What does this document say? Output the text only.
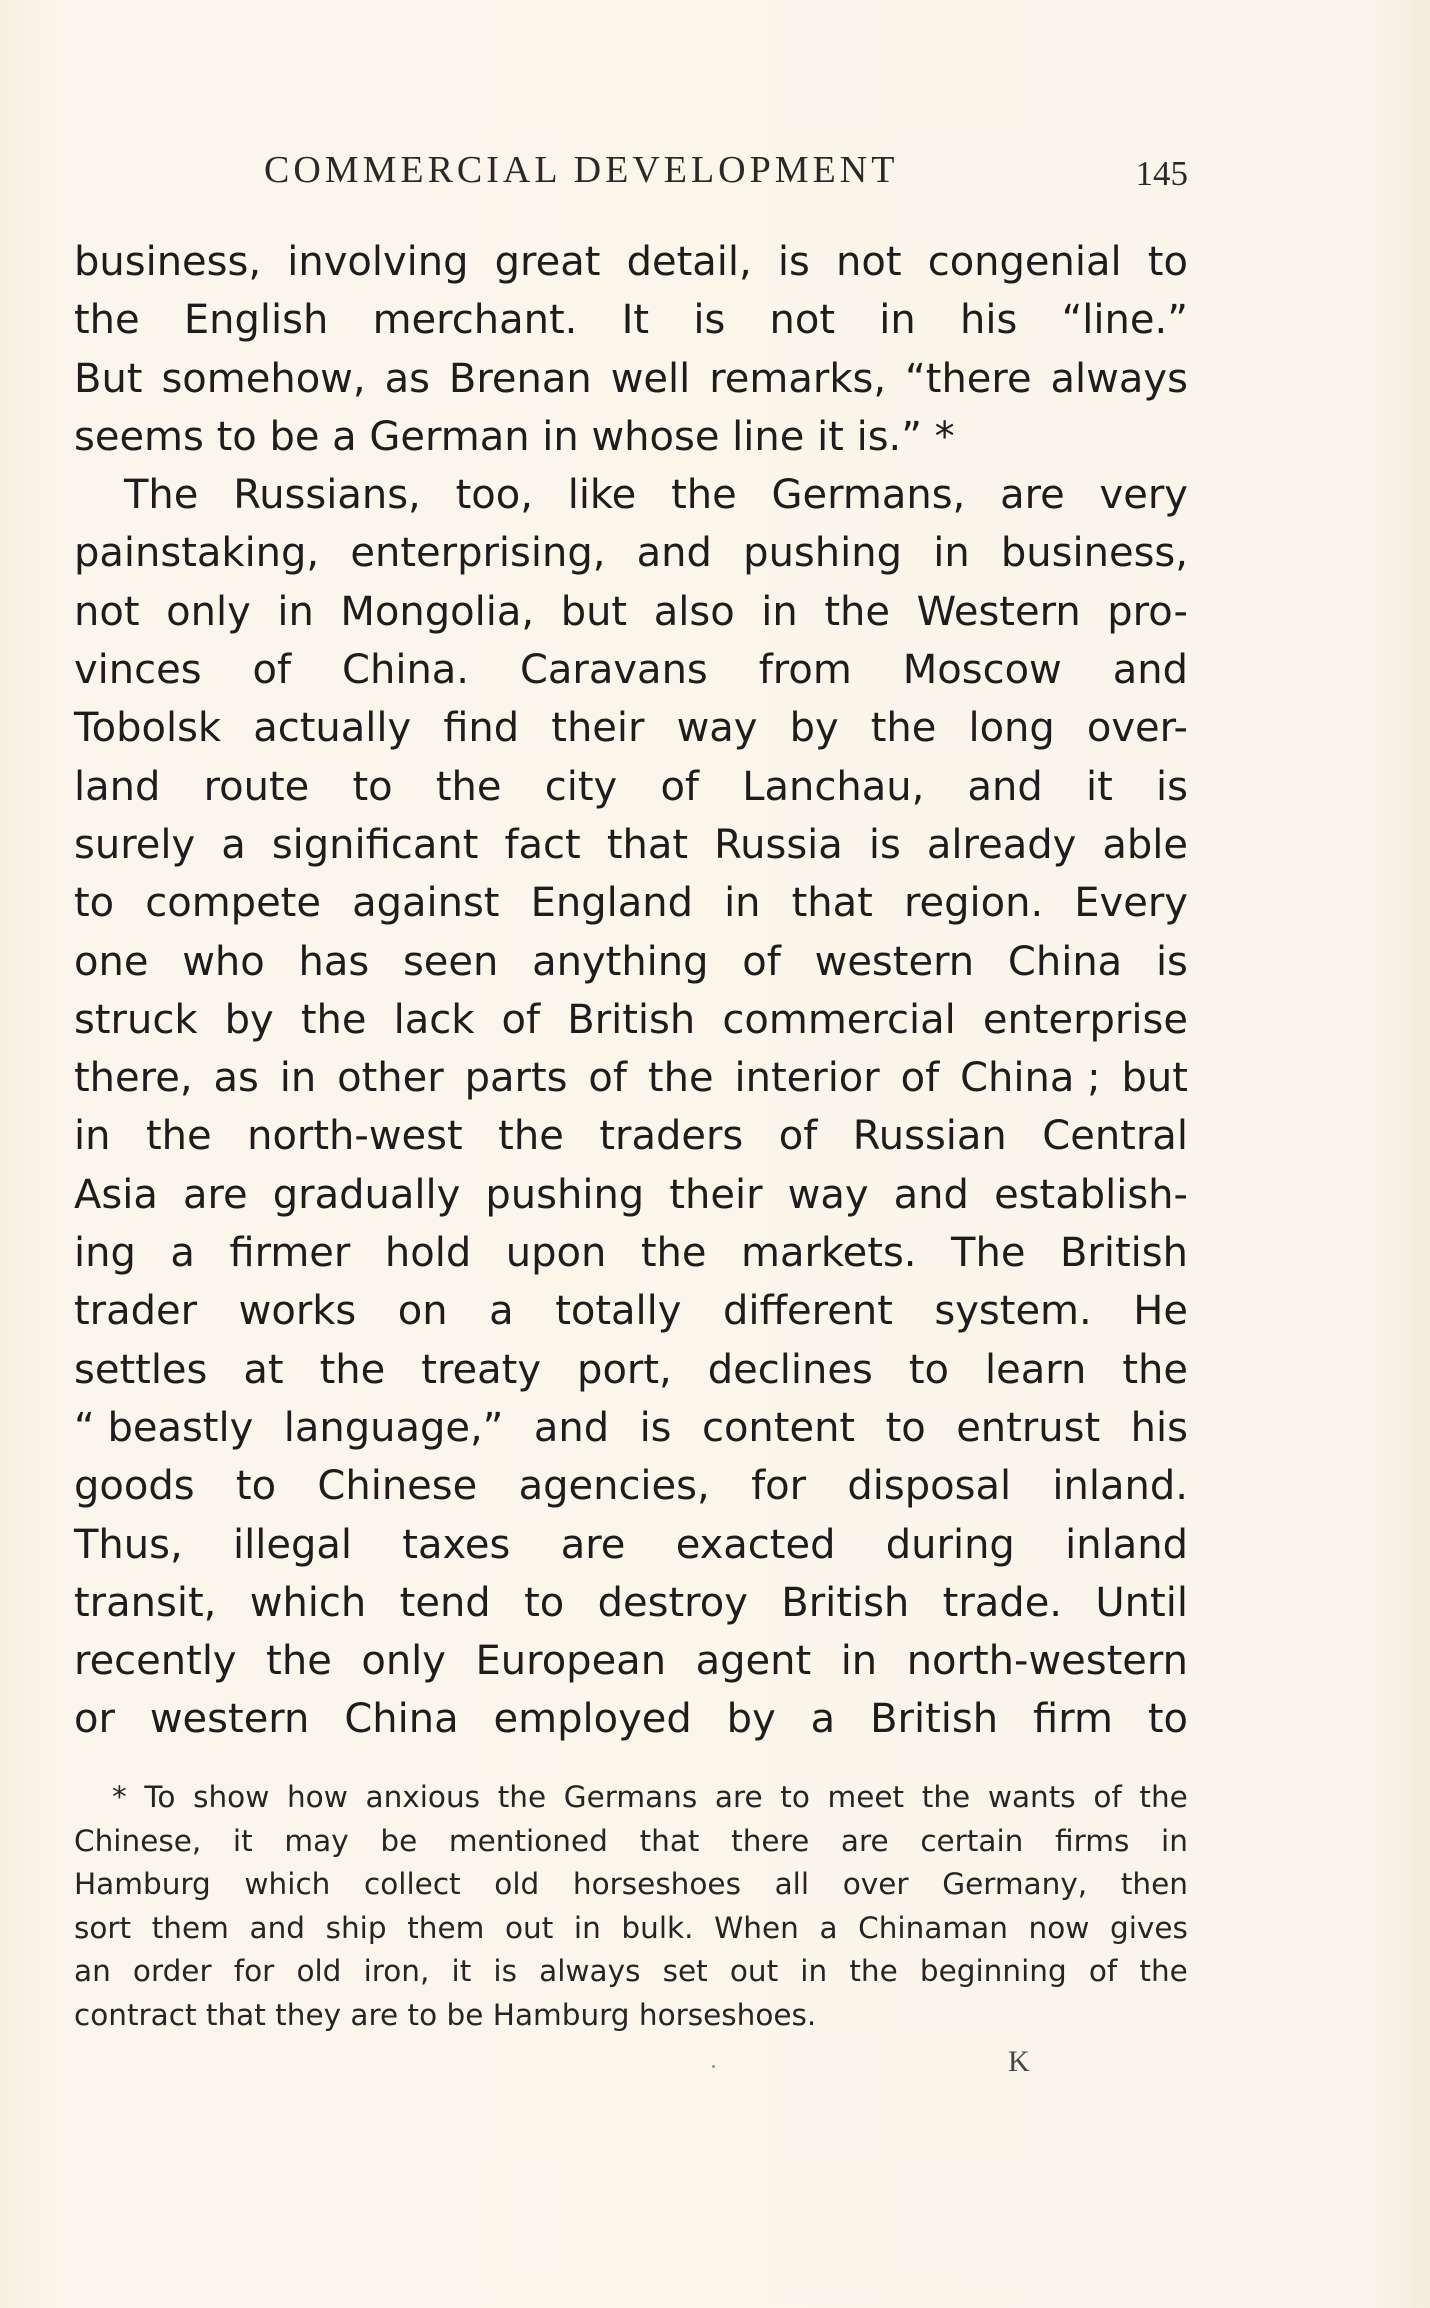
COMMERCIAL DEVELOPMENT	145
business, involving great detail, is not congenial to
the English merchant. It is not in his “line.”
But somehow, as Brenan well remarks, “there always
seems to be a German in whose line it is.” *
The Russians, too, like the Germans, are very
painstaking, enterprising, and pushing in business,
not only in Mongolia, but also in the Western pro-
vinces of China. Caravans from Moscow and
Tobolsk actually find their way by the long over-
land route to the city of Lanchau, and it is
surely a significant fact that Russia is already able
to compete against England in that region. Every
one who has seen anything of western China is
struck by the lack of British commercial enterprise
there, as in other parts of the interior of China ; but
in the north-west the traders of Russian Central
Asia are gradually pushing their way and establish-
ing a firmer hold upon the markets. The British
trader works on a totally different system. He
settles at the treaty port, declines to learn the
“ beastly language,” and is content to entrust his
goods to Chinese agencies, for disposal inland.
Thus, illegal taxes are exacted during inland
transit, which tend to destroy British trade. Until
recently the only European agent in north-western
or western China employed by a British firm to
* To show how anxious the Germans are to meet the wants of the
Chinese, it may be mentioned that there are certain firms in
Hamburg which collect old horseshoes all over Germany, then
sort them and ship them out in bulk. When a Chinaman now gives
an order for old iron, it is always set out in the beginning of the
contract that they are to be Hamburg horseshoes.
K
